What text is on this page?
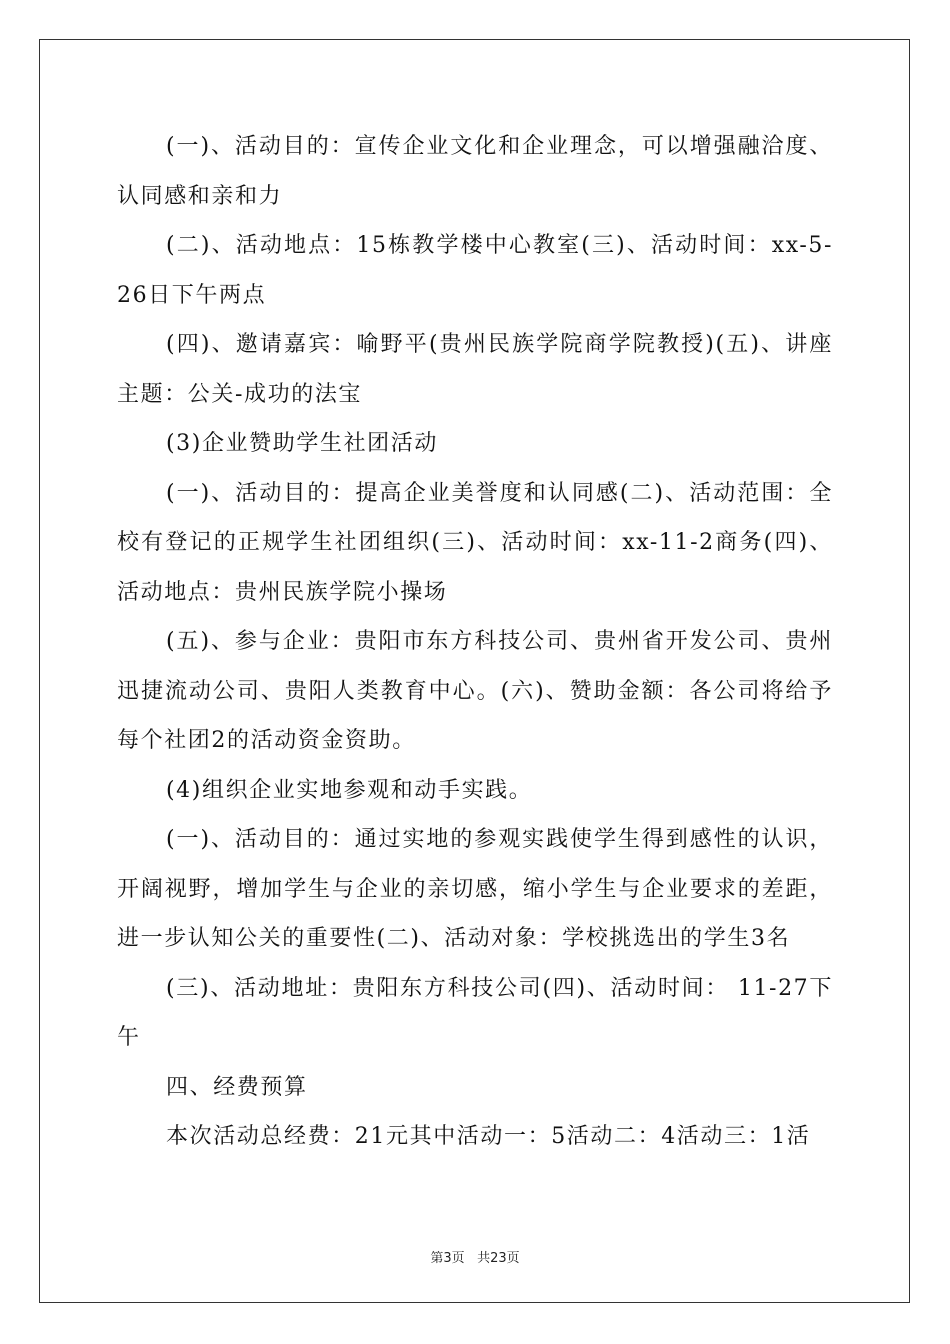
(一)、活动目的：宣传企业文化和企业理念，可以增强融洽度、认同感和亲和力

(二)、活动地点：15栋教学楼中心教室(三)、活动时间：xx-5-26日下午两点

(四)、邀请嘉宾：喻野平(贵州民族学院商学院教授)(五)、讲座主题：公关-成功的法宝

(3)企业赞助学生社团活动

(一)、活动目的：提高企业美誉度和认同感(二)、活动范围：全校有登记的正规学生社团组织(三)、活动时间：xx-11-2商务(四)、活动地点：贵州民族学院小操场

(五)、参与企业：贵阳市东方科技公司、贵州省开发公司、贵州迅捷流动公司、贵阳人类教育中心。(六)、赞助金额：各公司将给予每个社团2的活动资金资助。

(4)组织企业实地参观和动手实践。

(一)、活动目的：通过实地的参观实践使学生得到感性的认识，开阔视野，增加学生与企业的亲切感，缩小学生与企业要求的差距，进一步认知公关的重要性(二)、活动对象：学校挑选出的学生3名

(三)、活动地址：贵阳东方科技公司(四)、活动时间： 11-27下午

四、经费预算

本次活动总经费：21元其中活动一：5活动二：4活动三：1活

第3页 共23页
